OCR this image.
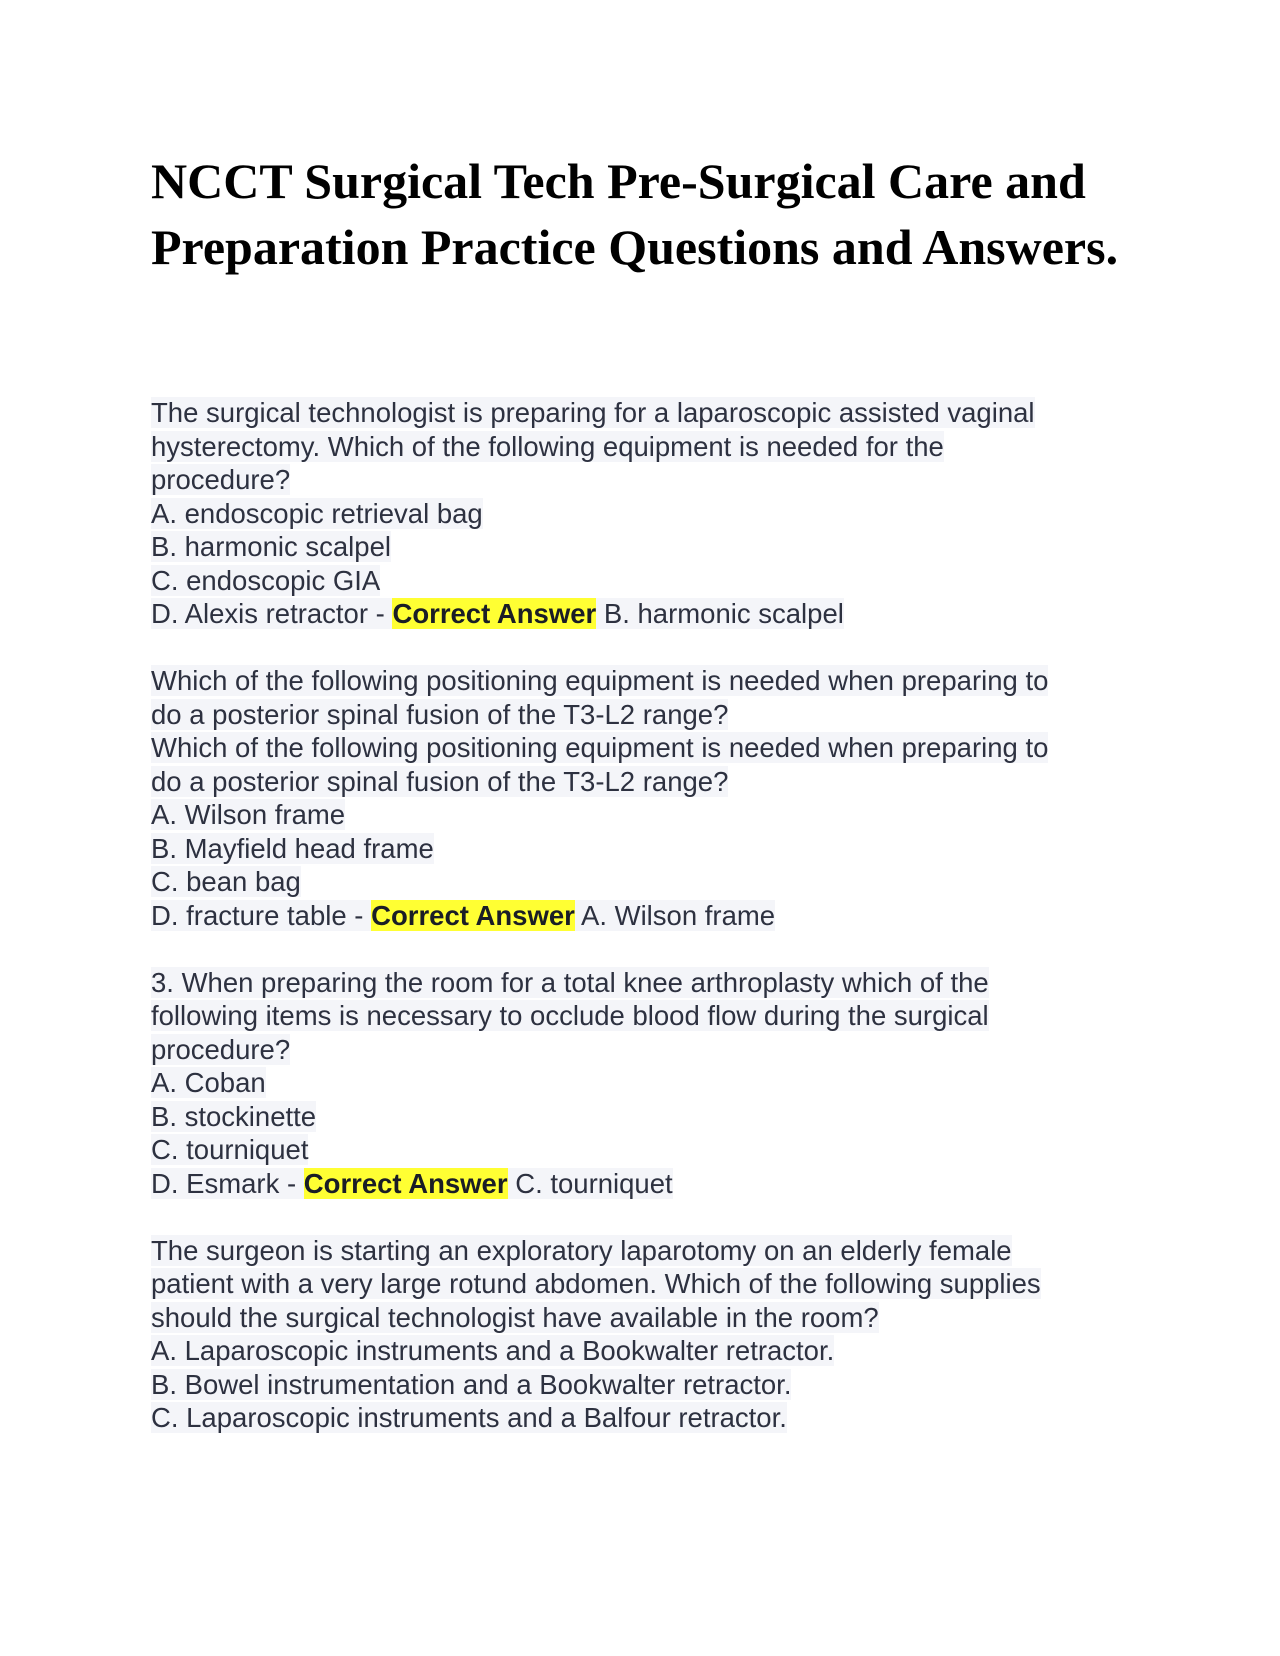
NCCT Surgical Tech Pre-Surgical Care and
Preparation Practice Questions and Answers.
The surgical technologist is preparing for a laparoscopic assisted vaginal
hysterectomy. Which of the following equipment is needed for the
procedure?
A. endoscopic retrieval bag
B. harmonic scalpel
C. endoscopic GIA
D. Alexis retractor - Correct Answer B. harmonic scalpel
Which of the following positioning equipment is needed when preparing to
do a posterior spinal fusion of the T3-L2 range?
Which of the following positioning equipment is needed when preparing to
do a posterior spinal fusion of the T3-L2 range?
A. Wilson frame
B. Mayfield head frame
C. bean bag
D. fracture table - Correct Answer A. Wilson frame
3. When preparing the room for a total knee arthroplasty which of the
following items is necessary to occlude blood flow during the surgical
procedure?
A. Coban
B. stockinette
C. tourniquet
D. Esmark - Correct Answer C. tourniquet
The surgeon is starting an exploratory laparotomy on an elderly female
patient with a very large rotund abdomen. Which of the following supplies
should the surgical technologist have available in the room?
A. Laparoscopic instruments and a Bookwalter retractor.
B. Bowel instrumentation and a Bookwalter retractor.
C. Laparoscopic instruments and a Balfour retractor.
